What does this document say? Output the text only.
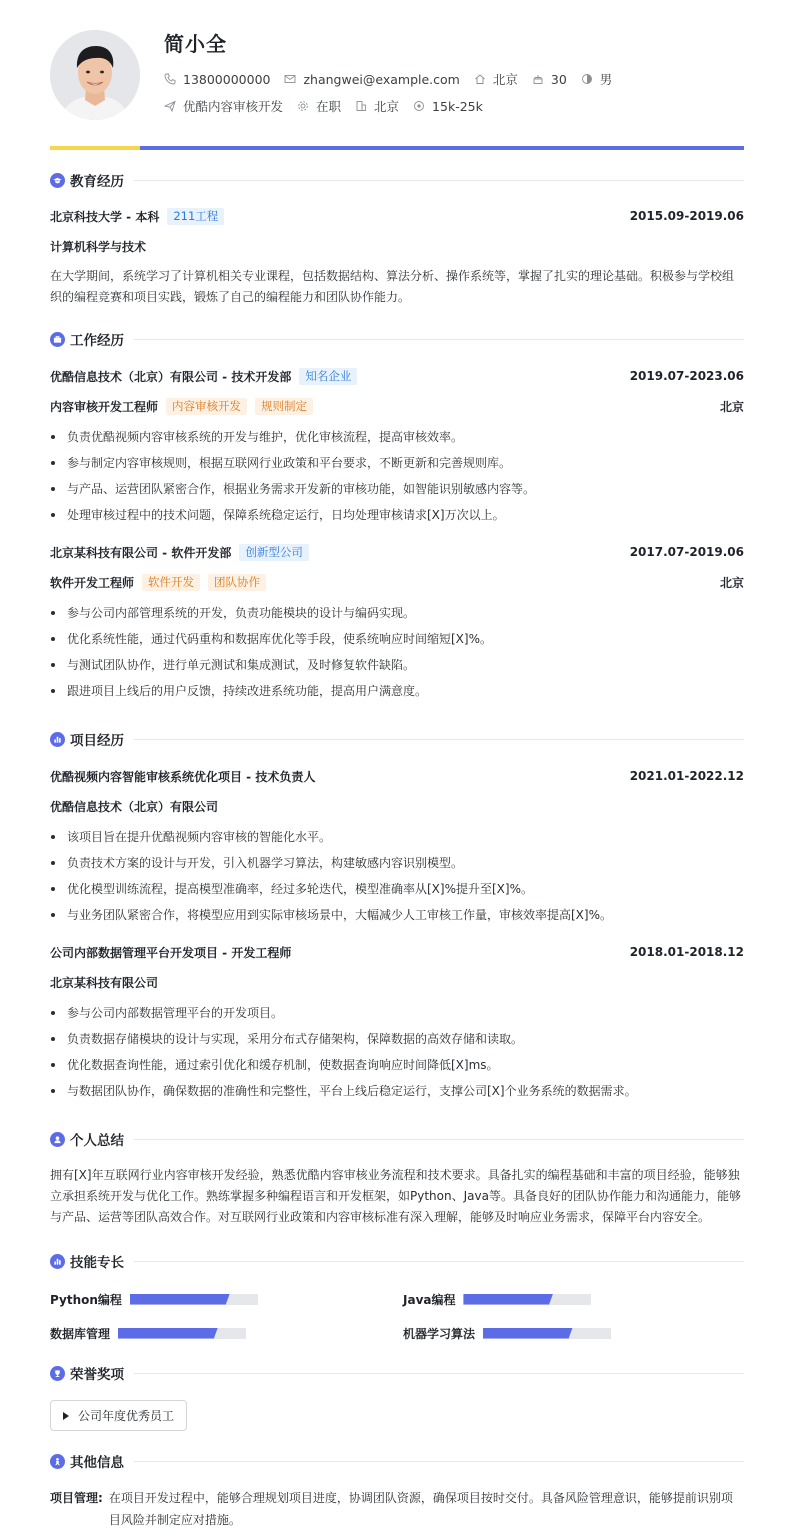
简小全
13800000000	zhangwei@example.com	北京	30	男
优酷内容审核开发	在职	北京	15k-25k
教育经历
北京科技大学 - 本科	211工程	2015.09-2019.06
计算机科学与技术
在大学期间，系统学习了计算机相关专业课程，包括数据结构、算法分析、操作系统等，掌握了扎实的理论基础。积极参与学校组织的编程竞赛和项目实践，锻炼了自己的编程能力和团队协作能力。
工作经历
优酷信息技术（北京）有限公司 - 技术开发部	知名企业	2019.07-2023.06
内容审核开发工程师	内容审核开发	规则制定	北京
负责优酷视频内容审核系统的开发与维护，优化审核流程，提高审核效率。
参与制定内容审核规则，根据互联网行业政策和平台要求，不断更新和完善规则库。
与产品、运营团队紧密合作，根据业务需求开发新的审核功能，如智能识别敏感内容等。
处理审核过程中的技术问题，保障系统稳定运行，日均处理审核请求[X]万次以上。
北京某科技有限公司 - 软件开发部	创新型公司	2017.07-2019.06
软件开发工程师	软件开发	团队协作	北京
参与公司内部管理系统的开发，负责功能模块的设计与编码实现。
优化系统性能，通过代码重构和数据库优化等手段，使系统响应时间缩短[X]%。
与测试团队协作，进行单元测试和集成测试，及时修复软件缺陷。
跟进项目上线后的用户反馈，持续改进系统功能，提高用户满意度。
项目经历
优酷视频内容智能审核系统优化项目 - 技术负责人	2021.01-2022.12
优酷信息技术（北京）有限公司
该项目旨在提升优酷视频内容审核的智能化水平。
负责技术方案的设计与开发，引入机器学习算法，构建敏感内容识别模型。
优化模型训练流程，提高模型准确率，经过多轮迭代，模型准确率从[X]%提升至[X]%。
与业务团队紧密合作，将模型应用到实际审核场景中，大幅减少人工审核工作量，审核效率提高[X]%。
公司内部数据管理平台开发项目 - 开发工程师	2018.01-2018.12
北京某科技有限公司
参与公司内部数据管理平台的开发项目。
负责数据存储模块的设计与实现，采用分布式存储架构，保障数据的高效存储和读取。
优化数据查询性能，通过索引优化和缓存机制，使数据查询响应时间降低[X]ms。
与数据团队协作，确保数据的准确性和完整性，平台上线后稳定运行，支撑公司[X]个业务系统的数据需求。
个人总结
拥有[X]年互联网行业内容审核开发经验，熟悉优酷内容审核业务流程和技术要求。具备扎实的编程基础和丰富的项目经验，能够独立承担系统开发与优化工作。熟练掌握多种编程语言和开发框架，如Python、Java等。具备良好的团队协作能力和沟通能力，能够与产品、运营等团队高效合作。对互联网行业政策和内容审核标准有深入理解，能够及时响应业务需求，保障平台内容安全。
技能专长
Python编程	Java编程
数据库管理	机器学习算法
荣誉奖项
公司年度优秀员工
其他信息
项目管理: 在项目开发过程中，能够合理规划项目进度，协调团队资源，确保项目按时交付。具备风险管理意识，能够提前识别项目风险并制定应对措施。
